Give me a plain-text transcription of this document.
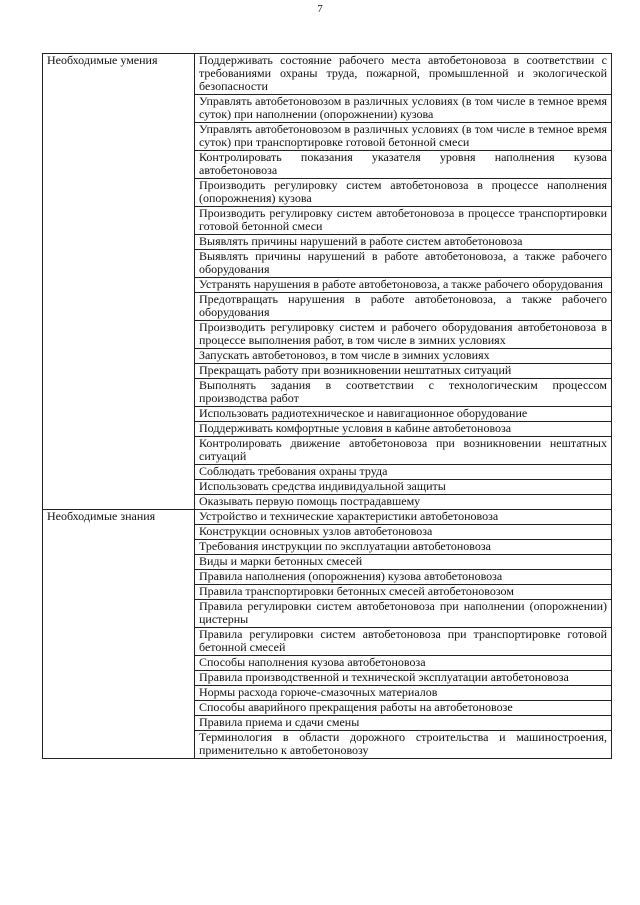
7
Необходимые умения	Поддерживать состояние рабочего места автобетоновоза в соответствии с требованиями охраны труда, пожарной, промышленной и экологической безопасности
	Управлять автобетоновозом в различных условиях (в том числе в темное время суток) при наполнении (опорожнении) кузова
	Управлять автобетоновозом в различных условиях (в том числе в темное время суток) при транспортировке готовой бетонной смеси
	Контролировать показания указателя уровня наполнения кузова автобетоновоза
	Производить регулировку систем автобетоновоза в процессе наполнения (опорожнения) кузова
	Производить регулировку систем автобетоновоза в процессе транспортировки готовой бетонной смеси
	Выявлять причины нарушений в работе систем автобетоновоза
	Выявлять причины нарушений в работе автобетоновоза, а также рабочего оборудования
	Устранять нарушения в работе автобетоновоза, а также рабочего оборудования
	Предотвращать нарушения в работе автобетоновоза, а также рабочего оборудования
	Производить регулировку систем и рабочего оборудования автобетоновоза в процессе выполнения работ, в том числе в зимних условиях
	Запускать автобетоновоз, в том числе в зимних условиях
	Прекращать работу при возникновении нештатных ситуаций
	Выполнять задания в соответствии с технологическим процессом производства работ
	Использовать радиотехническое и навигационное оборудование
	Поддерживать комфортные условия в кабине автобетоновоза
	Контролировать движение автобетоновоза при возникновении нештатных ситуаций
	Соблюдать требования охраны труда
	Использовать средства индивидуальной защиты
	Оказывать первую помощь пострадавшему
Необходимые знания	Устройство и технические характеристики автобетоновоза
	Конструкции основных узлов автобетоновоза
	Требования инструкции по эксплуатации автобетоновоза
	Виды и марки бетонных смесей
	Правила наполнения (опорожнения) кузова автобетоновоза
	Правила транспортировки бетонных смесей автобетоновозом
	Правила регулировки систем автобетоновоза при наполнении (опорожнении) цистерны
	Правила регулировки систем автобетоновоза при транспортировке готовой бетонной смесей
	Способы наполнения кузова автобетоновоза
	Правила производственной и технической эксплуатации автобетоновоза
	Нормы расхода горюче-смазочных материалов
	Способы аварийного прекращения работы на автобетоновозе
	Правила приема и сдачи смены
	Терминология в области дорожного строительства и машиностроения, применительно к автобетоновозу
